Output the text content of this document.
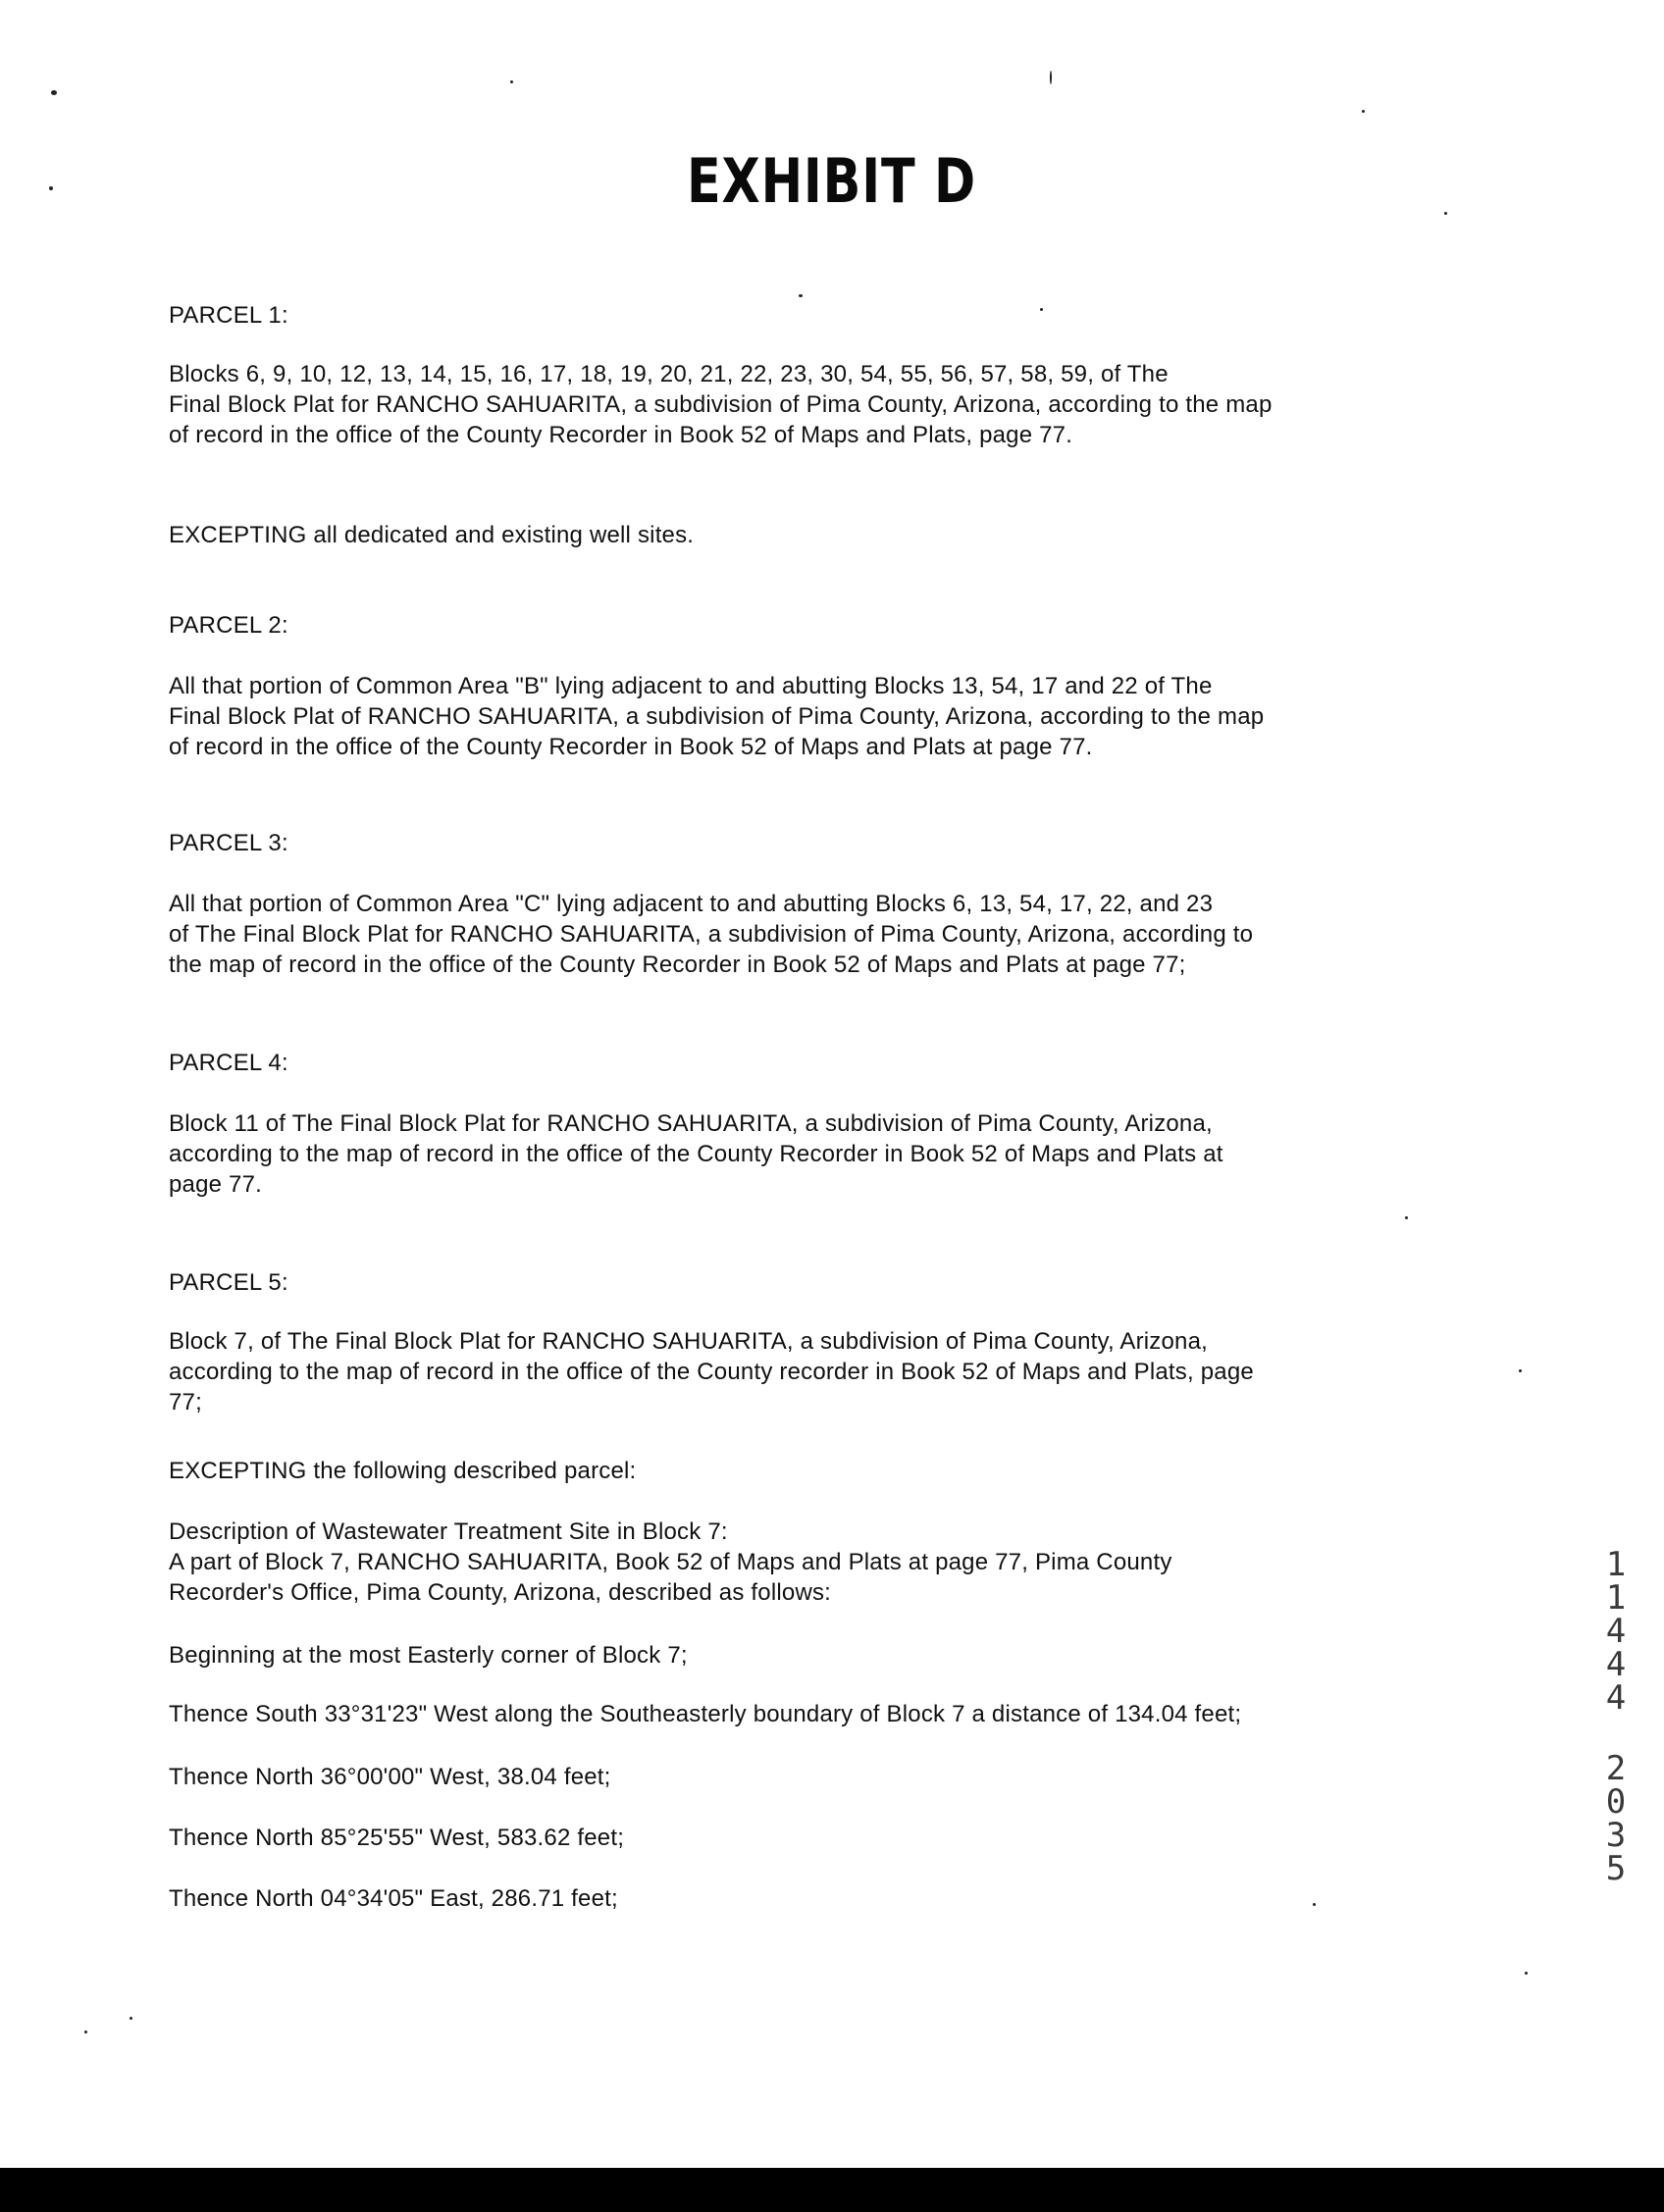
EXHIBIT D
PARCEL 1:
Blocks 6, 9, 10, 12, 13, 14, 15, 16, 17, 18, 19, 20, 21, 22, 23, 30, 54, 55, 56, 57, 58, 59, of The
Final Block Plat for RANCHO SAHUARITA, a subdivision of Pima County, Arizona, according to the map
of record in the office of the County Recorder in Book 52 of Maps and Plats, page 77.
EXCEPTING all dedicated and existing well sites.
PARCEL 2:
All that portion of Common Area "B" lying adjacent to and abutting Blocks 13, 54, 17 and 22 of The
Final Block Plat of RANCHO SAHUARITA, a subdivision of Pima County, Arizona, according to the map
of record in the office of the County Recorder in Book 52 of Maps and Plats at page 77.
PARCEL 3:
All that portion of Common Area "C" lying adjacent to and abutting Blocks 6, 13, 54, 17, 22, and 23
of The Final Block Plat for RANCHO SAHUARITA, a subdivision of Pima County, Arizona, according to
the map of record in the office of the County Recorder in Book 52 of Maps and Plats at page 77;
PARCEL 4:
Block 11 of The Final Block Plat for RANCHO SAHUARITA, a subdivision of Pima County, Arizona,
according to the map of record in the office of the County Recorder in Book 52 of Maps and Plats at
page 77.
PARCEL 5:
Block 7, of The Final Block Plat for RANCHO SAHUARITA, a subdivision of Pima County, Arizona,
according to the map of record in the office of the County recorder in Book 52 of Maps and Plats, page
77;
EXCEPTING the following described parcel:
Description of Wastewater Treatment Site in Block 7:
A part of Block 7, RANCHO SAHUARITA, Book 52 of Maps and Plats at page 77, Pima County
Recorder's Office, Pima County, Arizona, described as follows:
Beginning at the most Easterly corner of Block 7;
Thence South 33°31'23" West along the Southeasterly boundary of Block 7 a distance of 134.04 feet;
Thence North 36°00'00" West, 38.04 feet;
Thence North 85°25'55" West, 583.62 feet;
Thence North 04°34'05" East, 286.71 feet;
1
1
4
4
4
2
0
3
5
